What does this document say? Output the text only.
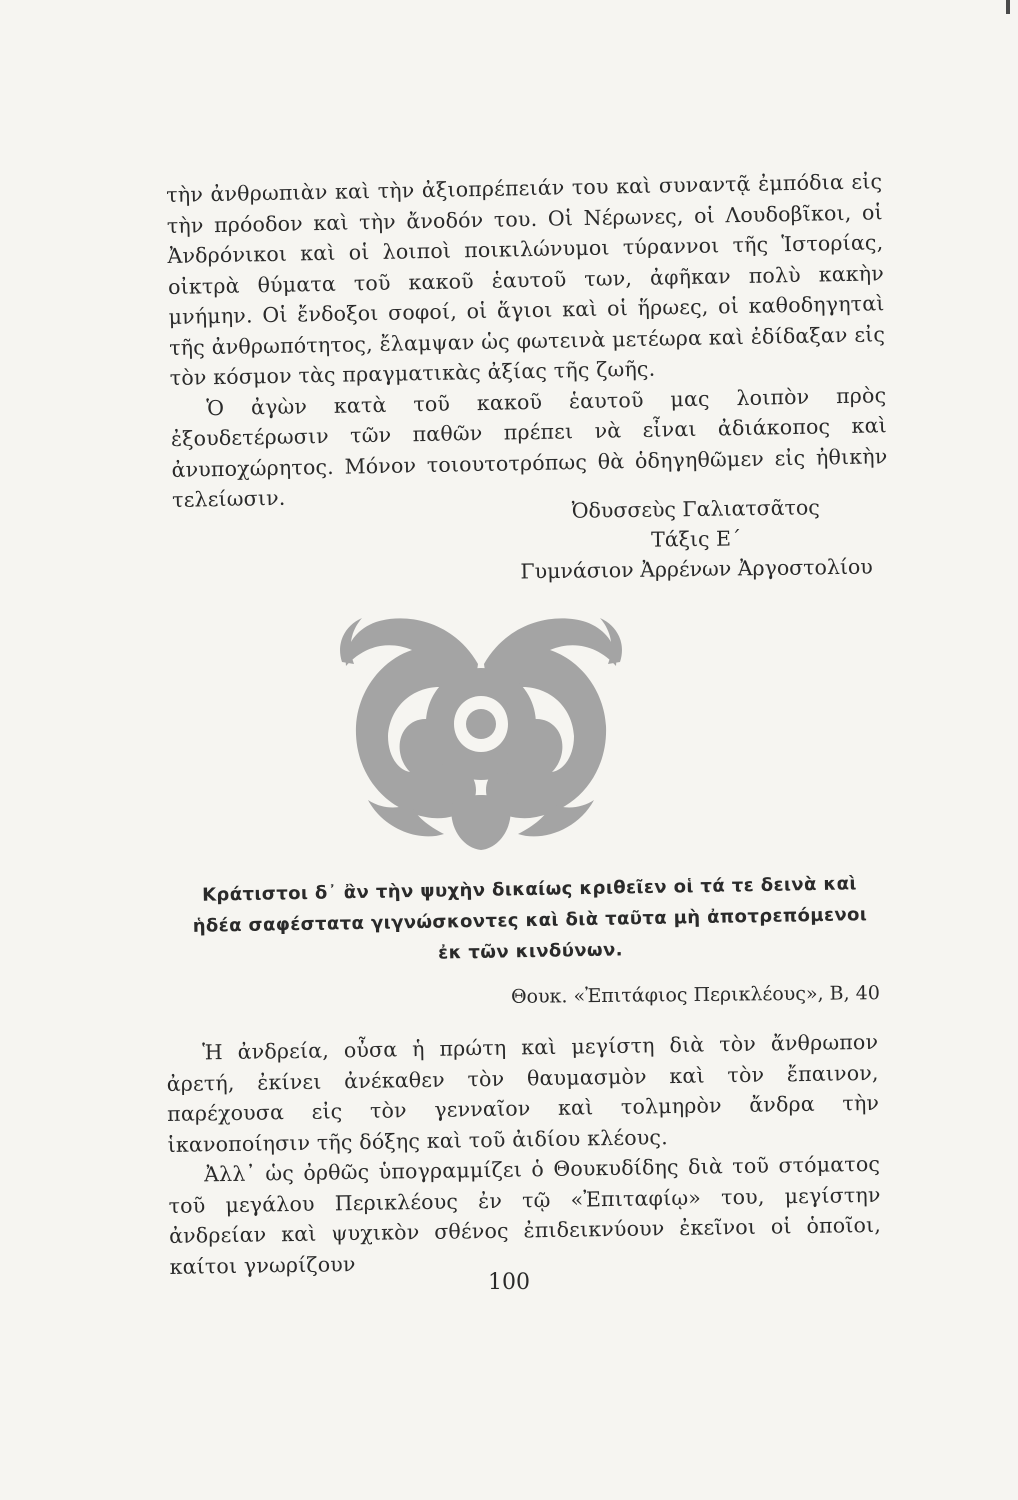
τὴν ἀνθρωπιὰν καὶ τὴν ἀξιοπρέπειάν του καὶ συναντᾷ ἐμπόδια εἰς τὴν πρόοδον καὶ τὴν ἄνοδόν του. Οἱ Νέρωνες, οἱ Λουδοβῖκοι, οἱ Ἀνδρόνικοι καὶ οἱ λοιποὶ ποικιλώνυμοι τύραννοι τῆς Ἱστορίας, οἰκτρὰ θύματα τοῦ κακοῦ ἑαυτοῦ των, ἀφῆκαν πολὺ κακὴν μνήμην. Οἱ ἔνδοξοι σοφοί, οἱ ἅγιοι καὶ οἱ ἥρωες, οἱ καθοδηγηταὶ τῆς ἀνθρωπότητος, ἔλαμψαν ὡς φωτεινὰ μετέωρα καὶ ἐδίδαξαν εἰς τὸν κόσμον τὰς πραγματικὰς ἀξίας τῆς ζωῆς.

Ὁ ἀγὼν κατὰ τοῦ κακοῦ ἑαυτοῦ μας λοιπὸν πρὸς ἐξουδετέρωσιν τῶν παθῶν πρέπει νὰ εἶναι ἀδιάκοπος καὶ ἀνυποχώρητος. Μόνον τοιουτοτρόπως θὰ ὁδηγηθῶμεν εἰς ἠθικὴν τελείωσιν.	Ὀδυσσεὺς Γαλιατσᾶτος
Τάξις Ε΄
Γυμνάσιον Ἀρρένων Ἀργοστολίου
Κράτιστοι δ᾽ ἂν τὴν ψυχὴν δικαίως κριθεῖεν οἱ τά τε δεινὰ καὶ ἡδέα σαφέστατα γιγνώσκοντες καὶ διὰ ταῦτα μὴ ἀποτρεπόμενοι ἐκ τῶν κινδύνων.
Θουκ. «Ἐπιτάφιος Περικλέους», Β, 40

Ἡ ἀνδρεία, οὖσα ἡ πρώτη καὶ μεγίστη διὰ τὸν ἄνθρωπον ἀρετή, ἐκίνει ἀνέκαθεν τὸν θαυμασμὸν καὶ τὸν ἔπαινον, παρέχουσα εἰς τὸν γενναῖον καὶ τολμηρὸν ἄνδρα τὴν ἱκανοποίησιν τῆς δόξης καὶ τοῦ ἀιδίου κλέους.

Ἀλλ᾽ ὡς ὀρθῶς ὑπογραμμίζει ὁ Θουκυδίδης διὰ τοῦ στόματος τοῦ μεγάλου Περικλέους ἐν τῷ «Ἐπιταφίῳ» του, μεγίστην ἀνδρείαν καὶ ψυχικὸν σθένος ἐπιδεικνύουν ἐκεῖνοι οἱ ὁποῖοι, καίτοι γνωρίζουν

100
